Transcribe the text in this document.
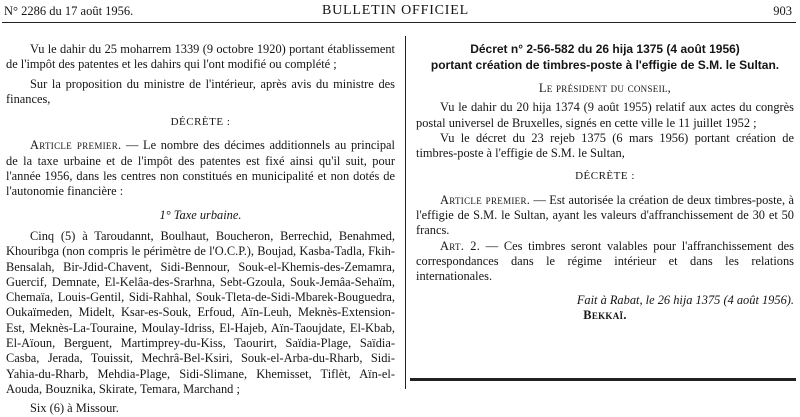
N° 2286 du 17 août 1956.	BULLETIN OFFICIEL	903

Vu le dahir du 25 moharrem 1339 (9 octobre 1920) portant établissement de l'impôt des patentes et les dahirs qui l'ont modifié ou complété ;

Sur la proposition du ministre de l'intérieur, après avis du ministre des finances,

DÉCRÈTE :

Article premier. — Le nombre des décimes additionnels au principal de la taxe urbaine et de l'impôt des patentes est fixé ainsi qu'il suit, pour l'année 1956, dans les centres non constitués en municipalité et non dotés de l'autonomie financière :

1° Taxe urbaine.

Cinq (5) à Taroudannt, Boulhaut, Boucheron, Berrechid, Benahmed, Khouribga (non compris le périmètre de l'O.C.P.), Boujad, Kasba-Tadla, Fkih-Bensalah, Bir-Jdid-Chavent, Sidi-Bennour, Souk-el-Khemis-des-Zemamra, Guercif, Demnate, El-Kelâa-des-Srarhna, Sebt-Gzoula, Souk-Jemâa-Sehaïm, Chemaïa, Louis-Gentil, Sidi-Rahhal, Souk-Tleta-de-Sidi-Mbarek-Bouguedra, Oukaïmeden, Midelt, Ksar-es-Souk, Erfoud, Aïn-Leuh, Meknès-Extension-Est, Meknès-La-Touraine, Moulay-Idriss, El-Hajeb, Aïn-Taoujdate, El-Kbab, El-Aïoun, Berguent, Martimprey-du-Kiss, Taourirt, Saïdia-Plage, Saïdia-Casba, Jerada, Touissit, Mechrâ-Bel-Ksiri, Souk-el-Arba-du-Rharb, Sidi-Yahia-du-Rharb, Mehdia-Plage, Sidi-Slimane, Khemisset, Tiflèt, Aïn-el-Aouda, Bouznika, Skirate, Temara, Marchand ;

Six (6) à Missour.

Décret n° 2-56-582 du 26 hija 1375 (4 août 1956)

portant création de timbres-poste à l'effigie de S.M. le Sultan.

Le président du conseil,

Vu le dahir du 20 hija 1374 (9 août 1955) relatif aux actes du congrès postal universel de Bruxelles, signés en cette ville le 11 juillet 1952 ;

Vu le décret du 23 rejeb 1375 (6 mars 1956) portant création de timbres-poste à l'effigie de S.M. le Sultan,

DÉCRÈTE :

Article premier. — Est autorisée la création de deux timbres-poste, à l'effigie de S.M. le Sultan, ayant les valeurs d'affranchissement de 30 et 50 francs.

Art. 2. — Ces timbres seront valables pour l'affranchissement des correspondances dans le régime intérieur et dans les relations internationales.

Fait à Rabat, le 26 hija 1375 (4 août 1956).

Bekkaï.
